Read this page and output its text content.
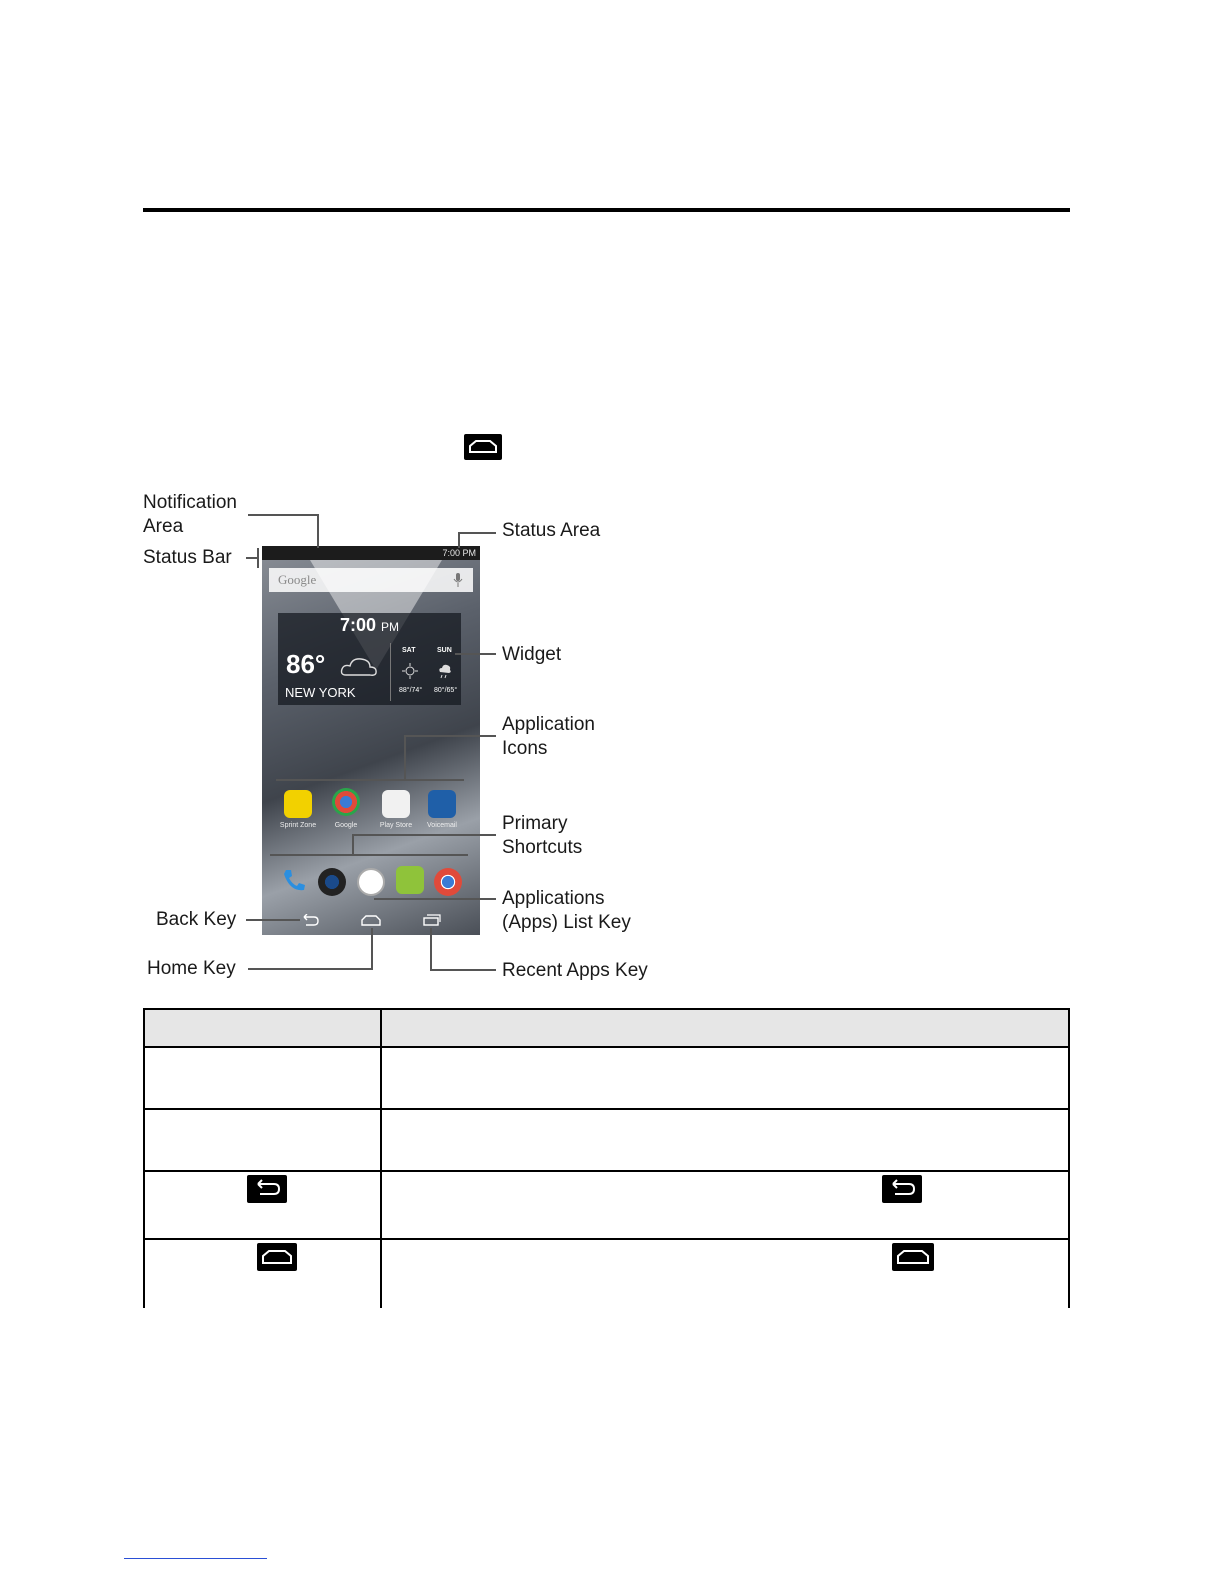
7:00 PM
Google
7:00 PM
86°
NEW YORK
SAT	SUN
88°/74° 80°/65°
Sprint Zone	Google	Play Store	Voicemail
Notification
Area
Status Bar
Status Area
Widget
Application
Icons
Primary
Shortcuts
Applications
(Apps) List Key
Back Key
Home Key	Recent Apps Key
